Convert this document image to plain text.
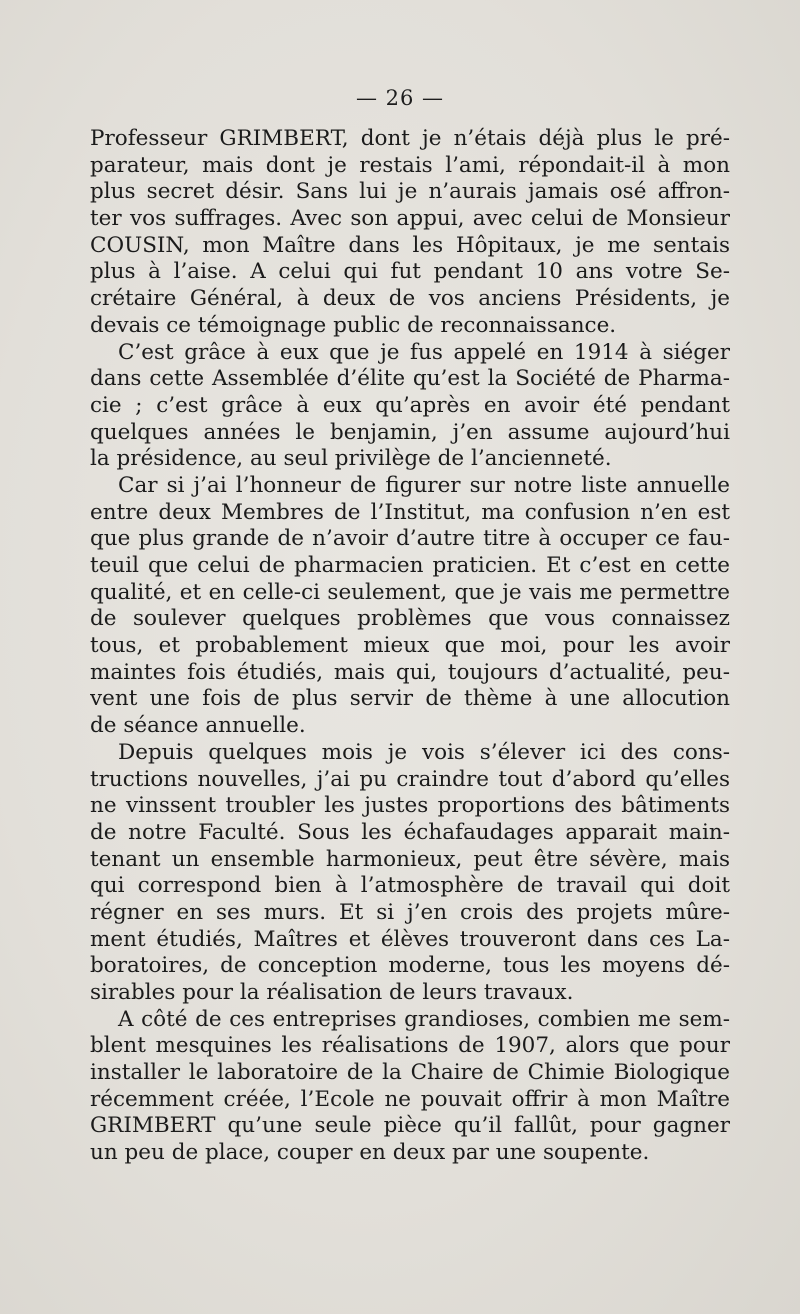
— 26 —
Professeur GRIMBERT, dont je n’étais déjà plus le pré-
parateur, mais dont je restais l’ami, répondait-il à mon
plus secret désir. Sans lui je n’aurais jamais osé affron-
ter vos suffrages. Avec son appui, avec celui de Monsieur
COUSIN, mon Maître dans les Hôpitaux, je me sentais
plus à l’aise. A celui qui fut pendant 10 ans votre Se-
crétaire Général, à deux de vos anciens Présidents, je
devais ce témoignage public de reconnaissance.
C’est grâce à eux que je fus appelé en 1914 à siéger
dans cette Assemblée d’élite qu’est la Société de Pharma-
cie ; c’est grâce à eux qu’après en avoir été pendant
quelques années le benjamin, j’en assume aujourd’hui
la présidence, au seul privilège de l’ancienneté.
Car si j’ai l’honneur de figurer sur notre liste annuelle
entre deux Membres de l’Institut, ma confusion n’en est
que plus grande de n’avoir d’autre titre à occuper ce fau-
teuil que celui de pharmacien praticien. Et c’est en cette
qualité, et en celle-ci seulement, que je vais me permettre
de soulever quelques problèmes que vous connaissez
tous, et probablement mieux que moi, pour les avoir
maintes fois étudiés, mais qui, toujours d’actualité, peu-
vent une fois de plus servir de thème à une allocution
de séance annuelle.
Depuis quelques mois je vois s’élever ici des cons-
tructions nouvelles, j’ai pu craindre tout d’abord qu’elles
ne vinssent troubler les justes proportions des bâtiments
de notre Faculté. Sous les échafaudages apparait main-
tenant un ensemble harmonieux, peut être sévère, mais
qui correspond bien à l’atmosphère de travail qui doit
régner en ses murs. Et si j’en crois des projets mûre-
ment étudiés, Maîtres et élèves trouveront dans ces La-
boratoires, de conception moderne, tous les moyens dé-
sirables pour la réalisation de leurs travaux.
A côté de ces entreprises grandioses, combien me sem-
blent mesquines les réalisations de 1907, alors que pour
installer le laboratoire de la Chaire de Chimie Biologique
récemment créée, l’Ecole ne pouvait offrir à mon Maître
GRIMBERT qu’une seule pièce qu’il fallût, pour gagner
un peu de place, couper en deux par une soupente.
